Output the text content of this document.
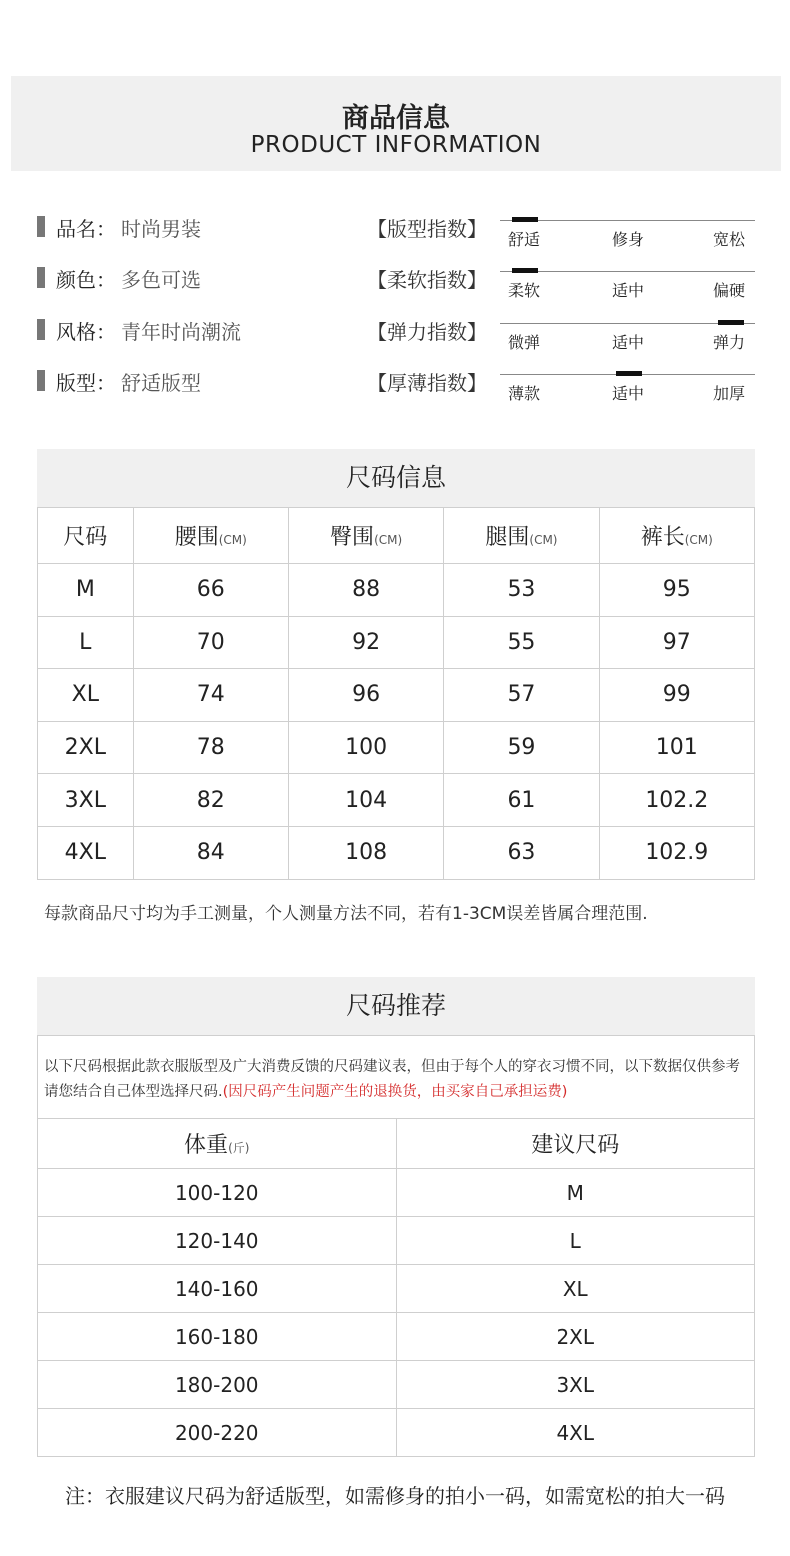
商品信息
PRODUCT INFORMATION
品名： 时尚男装	【版型指数】 舒适	修身	宽松
颜色： 多色可选	【柔软指数】 柔软	适中	偏硬
风格： 青年时尚潮流	【弹力指数】 微弹	适中	弹力
版型： 舒适版型	【厚薄指数】 薄款	适中	加厚
尺码信息
尺码	腰围(CM)	臀围(CM)	腿围(CM)	裤长(CM)
M	66	88	53	95
L	70	92	55	97
XL	74	96	57	99
2XL	78	100	59	101
3XL	82	104	61	102.2
4XL	84	108	63	102.9
每款商品尺寸均为手工测量，个人测量方法不同，若有1-3CM误差皆属合理范围.
尺码推荐
以下尺码根据此款衣服版型及广大消费反馈的尺码建议表，但由于每个人的穿衣习惯不同，以下数据仅供参考请您结合自己体型选择尺码.(因尺码产生问题产生的退换货，由买家自己承担运费)
体重(斤)	建议尺码
100-120	M
120-140	L
140-160	XL
160-180	2XL
180-200	3XL
200-220	4XL
注：衣服建议尺码为舒适版型，如需修身的拍小一码，如需宽松的拍大一码
